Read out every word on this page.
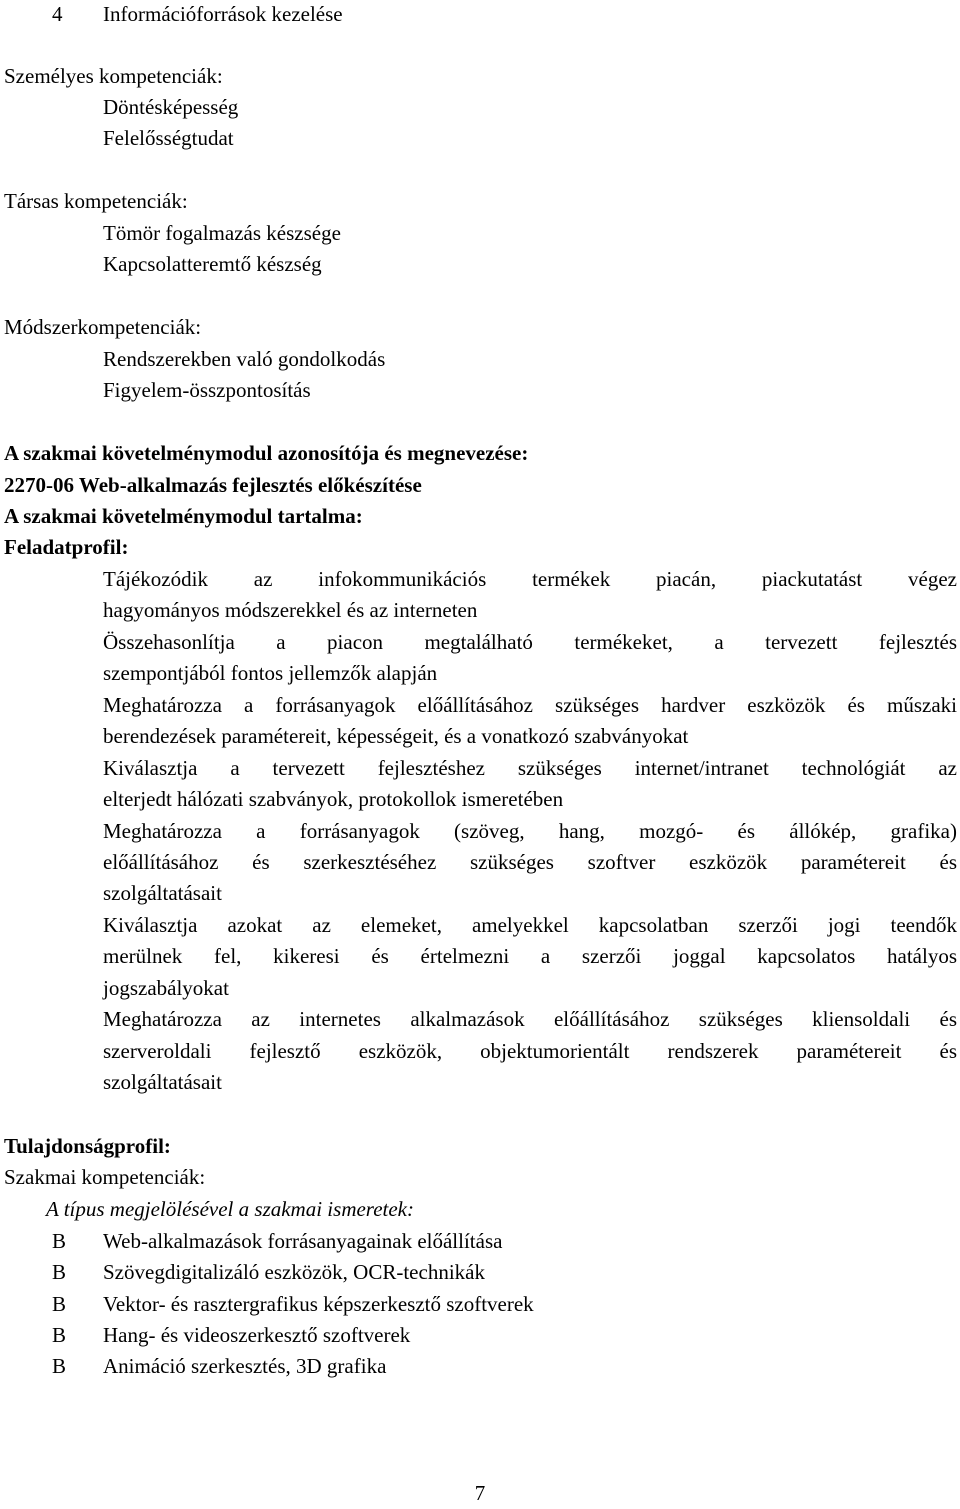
4 Információforrások kezelése
Személyes kompetenciák:
Döntésképesség
Felelősségtudat
Társas kompetenciák:
Tömör fogalmazás készsége
Kapcsolatteremtő készség
Módszerkompetenciák:
Rendszerekben való gondolkodás
Figyelem-összpontosítás
A szakmai követelménymodul azonosítója és megnevezése:
2270-06 Web-alkalmazás fejlesztés előkészítése
A szakmai követelménymodul tartalma:
Feladatprofil:
Tájékozódik az infokommunikációs termékek piacán, piackutatást végez
hagyományos módszerekkel és az interneten
Összehasonlítja a piacon megtalálható termékeket, a tervezett fejlesztés
szempontjából fontos jellemzők alapján
Meghatározza a forrásanyagok előállításához szükséges hardver eszközök és műszaki
berendezések paramétereit, képességeit, és a vonatkozó szabványokat
Kiválasztja a tervezett fejlesztéshez szükséges internet/intranet technológiát az
elterjedt hálózati szabványok, protokollok ismeretében
Meghatározza a forrásanyagok (szöveg, hang, mozgó- és állókép, grafika)
előállításához és szerkesztéséhez szükséges szoftver eszközök paramétereit és
szolgáltatásait
Kiválasztja azokat az elemeket, amelyekkel kapcsolatban szerzői jogi teendők
merülnek fel, kikeresi és értelmezni a szerzői joggal kapcsolatos hatályos
jogszabályokat
Meghatározza az internetes alkalmazások előállításához szükséges kliensoldali és
szerveroldali fejlesztő eszközök, objektumorientált rendszerek paramétereit és
szolgáltatásait
Tulajdonságprofil:
Szakmai kompetenciák:
A típus megjelölésével a szakmai ismeretek:
B Web-alkalmazások forrásanyagainak előállítása
B Szövegdigitalizáló eszközök, OCR-technikák
B Vektor- és rasztergrafikus képszerkesztő szoftverek
B Hang- és videoszerkesztő szoftverek
B Animáció szerkesztés, 3D grafika
7
